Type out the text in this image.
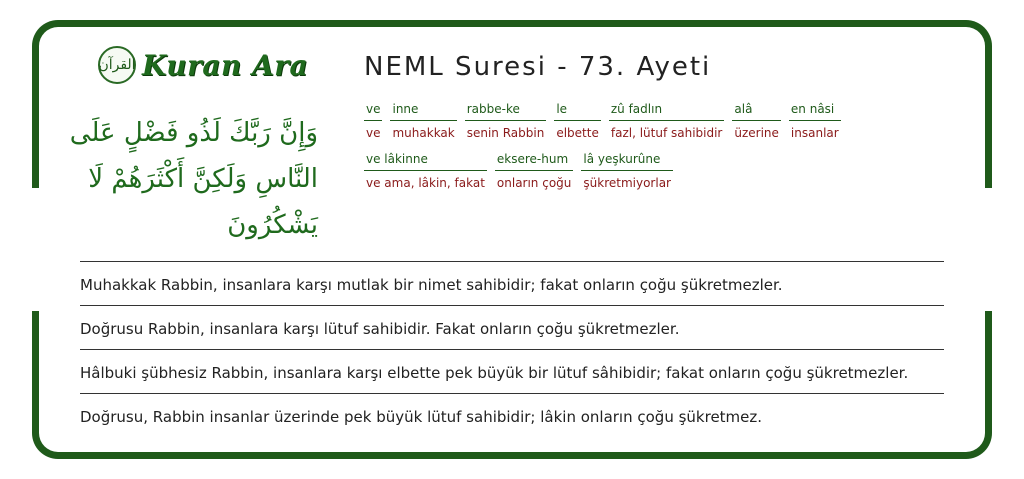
القرآن Kuran Ara
وَإِنَّ رَبَّكَ لَذُو فَضْلٍ عَلَى النَّاسِ وَلَكِنَّ أَكْثَرَهُمْ لَا يَشْكُرُونَ
NEML Suresi - 73. Ayeti
ve
ve
inne
muhakkak
rabbe-ke
senin Rabbin
le
elbette
zû fadlın
fazl, lütuf sahibidir
alâ
üzerine
en nâsi
insanlar
ve lâkinne
ve ama, lâkin, fakat
eksere-hum
onların çoğu
lâ yeşkurûne
şükretmiyorlar
Muhakkak Rabbin, insanlara karşı mutlak bir nimet sahibidir; fakat onların çoğu şükretmezler.
Doğrusu Rabbin, insanlara karşı lütuf sahibidir. Fakat onların çoğu şükretmezler.
Hâlbuki şübhesiz Rabbin, insanlara karşı elbette pek büyük bir lütuf sâhibidir; fakat onların çoğu şükretmezler.
Doğrusu, Rabbin insanlar üzerinde pek büyük lütuf sahibidir; lâkin onların çoğu şükretmez.
